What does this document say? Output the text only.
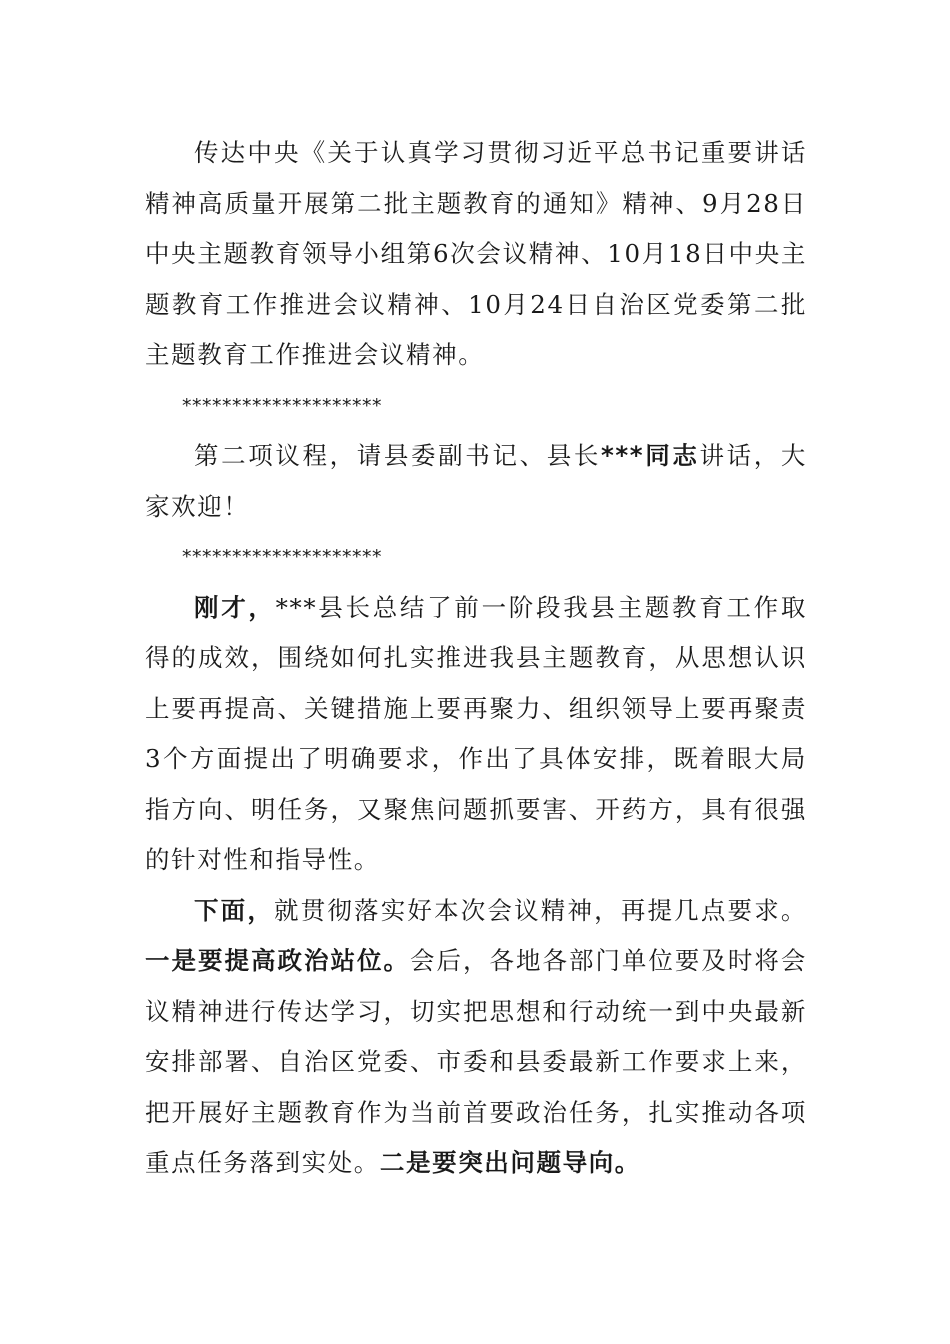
传达中央《关于认真学习贯彻习近平总书记重要讲话精神高质量开展第二批主题教育的通知》精神、9月28日中央主题教育领导小组第6次会议精神、10月18日中央主题教育工作推进会议精神、10月24日自治区党委第二批主题教育工作推进会议精神。

********************

第二项议程，请县委副书记、县长***同志讲话，大家欢迎！

********************

刚才，***县长总结了前一阶段我县主题教育工作取得的成效，围绕如何扎实推进我县主题教育，从思想认识上要再提高、关键措施上要再聚力、组织领导上要再聚责3个方面提出了明确要求，作出了具体安排，既着眼大局指方向、明任务，又聚焦问题抓要害、开药方，具有很强的针对性和指导性。

下面，就贯彻落实好本次会议精神，再提几点要求。一是要提高政治站位。会后，各地各部门单位要及时将会议精神进行传达学习，切实把思想和行动统一到中央最新安排部署、自治区党委、市委和县委最新工作要求上来，把开展好主题教育作为当前首要政治任务，扎实推动各项重点任务落到实处。二是要突出问题导向。
